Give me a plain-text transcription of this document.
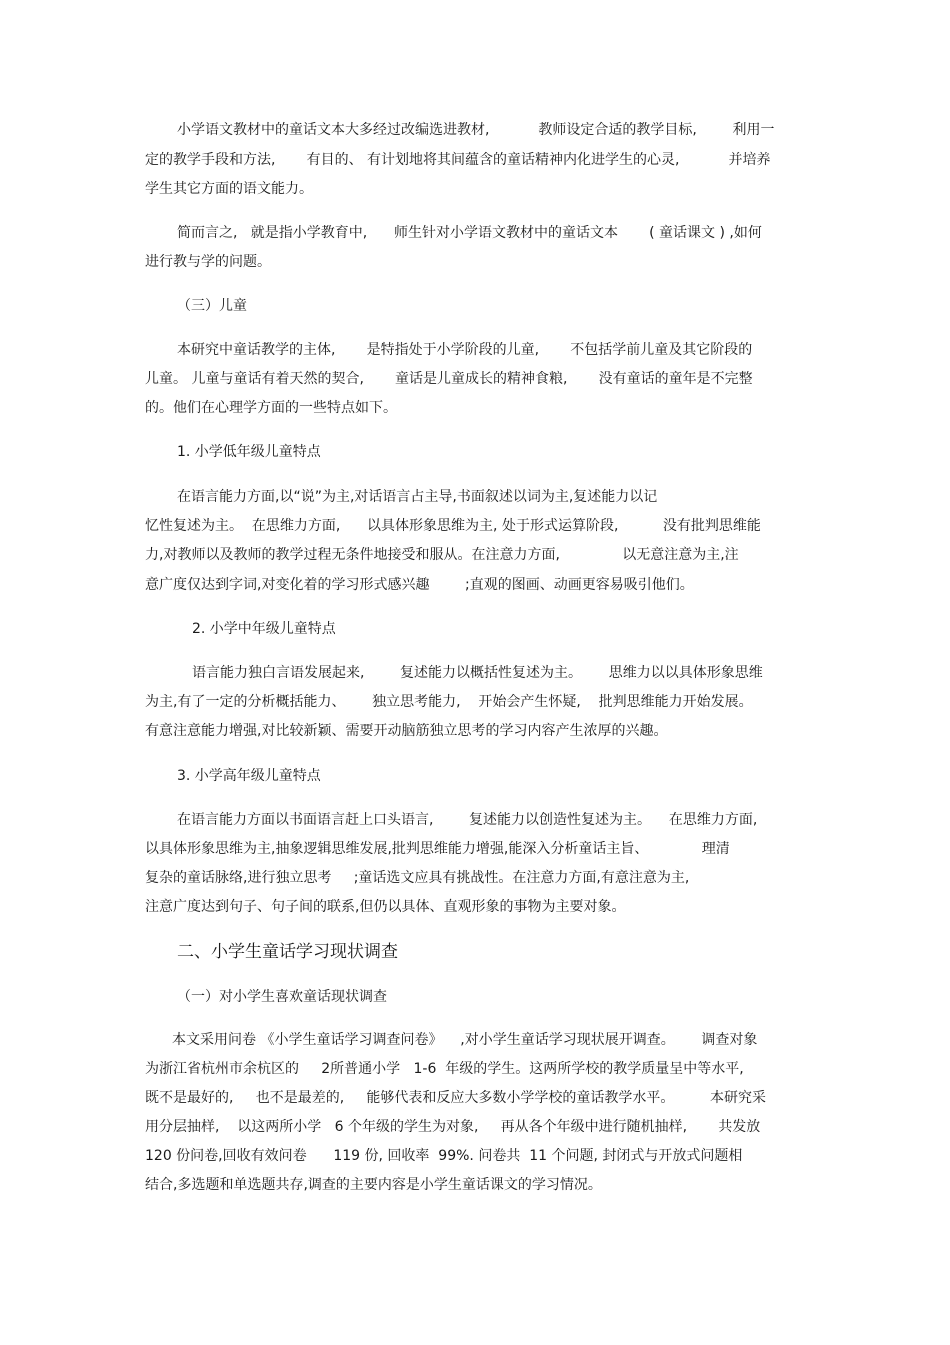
小学语文教材中的童话文本大多经过改编选进教材,           教师设定合适的教学目标,        利用一
定的教学手段和方法,       有目的、 有计划地将其间蕴含的童话精神内化进学生的心灵,           并培养
学生其它方面的语文能力。
简而言之,   就是指小学教育中,      师生针对小学语文教材中的童话文本       ( 童话课文 ) ,如何
进行教与学的问题。
（三）儿童
本研究中童话教学的主体,       是特指处于小学阶段的儿童,       不包括学前儿童及其它阶段的
儿童。 儿童与童话有着天然的契合,       童话是儿童成长的精神食粮,       没有童话的童年是不完整
的。他们在心理学方面的一些特点如下。
1. 小学低年级儿童特点
在语言能力方面,以“说”为主,对话语言占主导,书面叙述以词为主,复述能力以记
忆性复述为主。  在思维力方面,      以具体形象思维为主, 处于形式运算阶段,          没有批判思维能
力,对教师以及教师的教学过程无条件地接受和服从。在注意力方面,              以无意注意为主,注
意广度仅达到字词,对变化着的学习形式感兴趣        ;直观的图画、动画更容易吸引他们。
2. 小学中年级儿童特点
语言能力独白言语发展起来,        复述能力以概括性复述为主。      思维力以以具体形象思维
为主,有了一定的分析概括能力、      独立思考能力,    开始会产生怀疑,    批判思维能力开始发展。
有意注意能力增强,对比较新颖、需要开动脑筋独立思考的学习内容产生浓厚的兴趣。
3. 小学高年级儿童特点
在语言能力方面以书面语言赶上口头语言,        复述能力以创造性复述为主。    在思维力方面,
以具体形象思维为主,抽象逻辑思维发展,批判思维能力增强,能深入分析童话主旨、            理清
复杂的童话脉络,进行独立思考     ;童话选文应具有挑战性。在注意力方面,有意注意为主,
注意广度达到句子、句子间的联系,但仍以具体、直观形象的事物为主要对象。
二、小学生童话学习现状调查
（一）对小学生喜欢童话现状调查
本文采用问卷 《小学生童话学习调查问卷》    ,对小学生童话学习现状展开调查。      调查对象
为浙江省杭州市余杭区的     2所普通小学   1-6  年级的学生。这两所学校的教学质量呈中等水平,
既不是最好的,     也不是最差的,     能够代表和反应大多数小学学校的童话教学水平。        本研究采
用分层抽样,    以这两所小学   6 个年级的学生为对象,     再从各个年级中进行随机抽样,       共发放
120 份问卷,回收有效问卷      119 份, 回收率  99%. 问卷共  11 个问题, 封闭式与开放式问题相
结合,多选题和单选题共存,调查的主要内容是小学生童话课文的学习情况。
